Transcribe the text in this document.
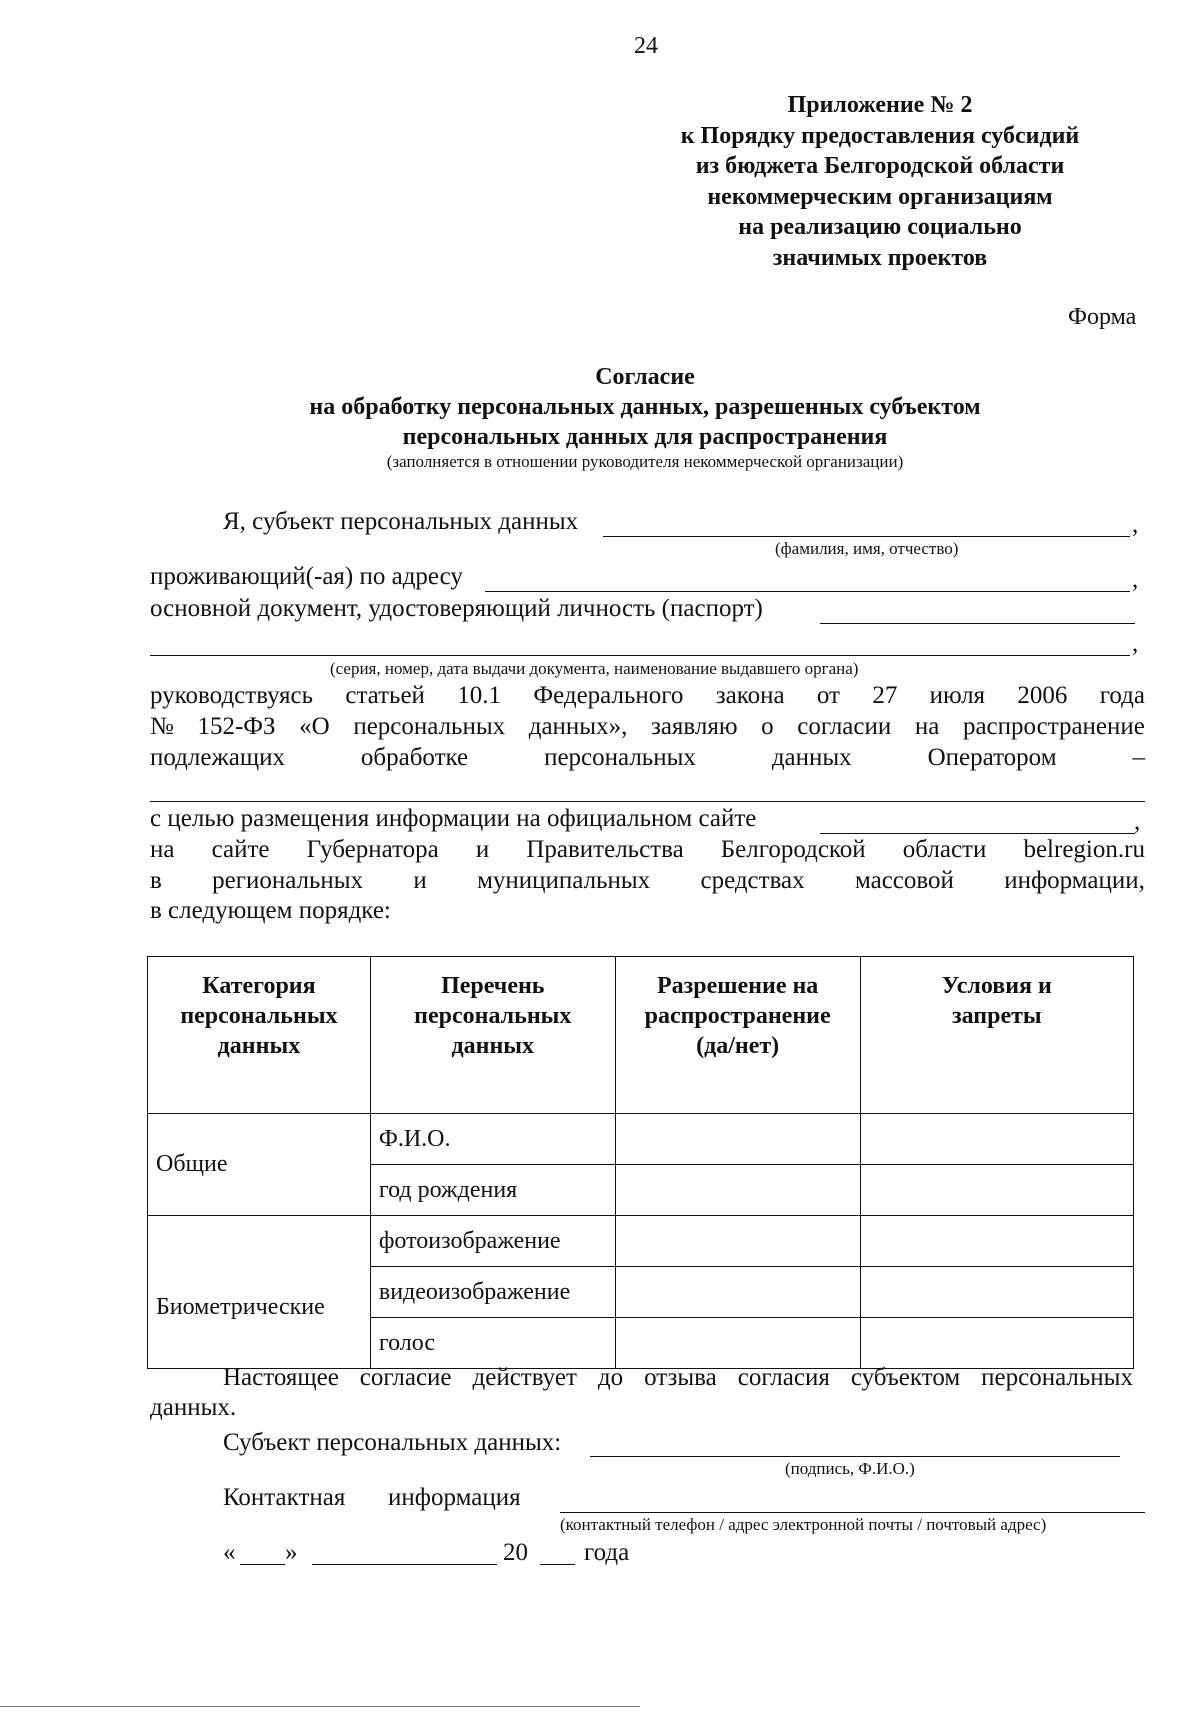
24
Приложение № 2
к Порядку предоставления субсидий
из бюджета Белгородской области
некоммерческим организациям
на реализацию социально
значимых проектов
Форма
Согласие
на обработку персональных данных, разрешенных субъектом
персональных данных для распространения
(заполняется в отношении руководителя некоммерческой организации)
Я, субъект персональных данных	,
(фамилия, имя, отчество)
проживающий(-ая) по адресу	,
основной документ, удостоверяющий личность (паспорт)
,
(серия, номер, дата выдачи документа, наименование выдавшего органа)
руководствуясь статьей 10.1 Федерального закона от 27 июля 2006 года
№ 152-ФЗ «О персональных данных», заявляю о согласии на распространение
подлежащих	обработке	персональных	данных	Оператором	–
с целью размещения информации на официальном сайте	,
на сайте Губернатора и Правительства Белгородской области belregion.ru
в региональных и муниципальных средствах массовой информации,
в следующем порядке:
Категория персональных данных	Перечень персональных данных	Разрешение на распространение (да/нет)	Условия и запреты

Общие	Ф.И.О.		
	год рождения		
Биометрические	фотоизображение		
	видеоизображение		
	голос		
Настоящее согласие действует до отзыва согласия субъектом персональных
данных.
Субъект персональных данных:
(подпись, Ф.И.О.)
Контактная информация
(контактный телефон / адрес электронной почты / почтовый адрес)
« »	20 года
